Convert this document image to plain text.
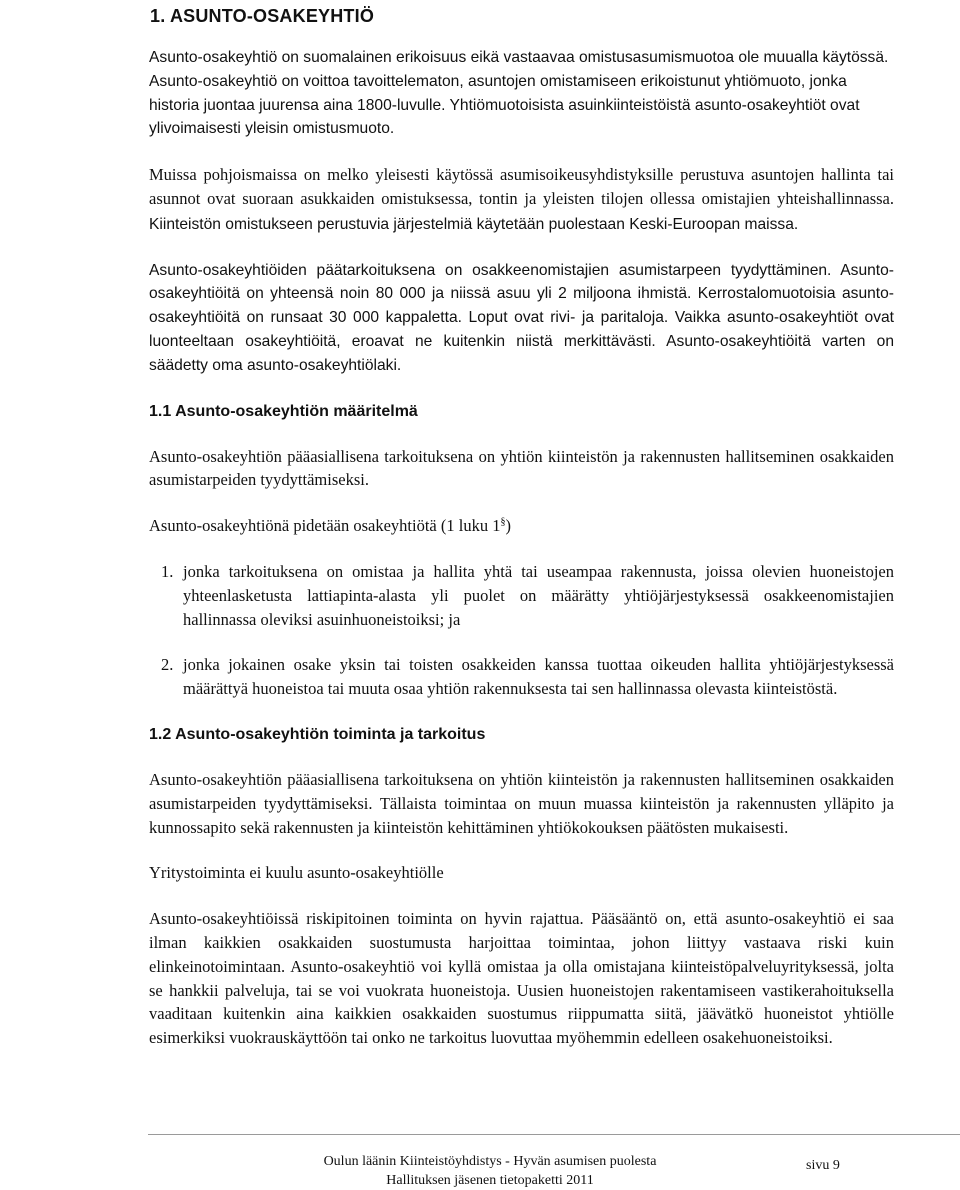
1. ASUNTO-OSAKEYHTIÖ

Asunto-osakeyhtiö on suomalainen erikoisuus eikä vastaavaa omistusasumismuotoa ole muualla käytössä. Asunto-osakeyhtiö on voittoa tavoittelematon, asuntojen omistamiseen erikoistunut yhtiömuoto, jonka historia juontaa juurensa aina 1800-luvulle. Yhtiömuotoisista asuinkiinteistöistä asunto-osakeyhtiöt ovat ylivoimaisesti yleisin omistusmuoto.

Muissa pohjoismaissa on melko yleisesti käytössä asumisoikeusyhdistyksille perustuva asuntojen hallinta tai asunnot ovat suoraan asukkaiden omistuksessa, tontin ja yleisten tilojen ollessa omistajien yhteishallinnassa. Kiinteistön omistukseen perustuvia järjestelmiä käytetään puolestaan Keski-Euroopan maissa.

Asunto-osakeyhtiöiden päätarkoituksena on osakkeenomistajien asumistarpeen tyydyttäminen. Asunto-osakeyhtiöitä on yhteensä noin 80 000 ja niissä asuu yli 2 miljoona ihmistä. Kerrostalomuotoisia asunto-osakeyhtiöitä on runsaat 30 000 kappaletta. Loput ovat rivi- ja paritaloja. Vaikka asunto-osakeyhtiöt ovat luonteeltaan osakeyhtiöitä, eroavat ne kuitenkin niistä merkittävästi. Asunto-osakeyhtiöitä varten on säädetty oma asunto-osakeyhtiölaki.

1.1 Asunto-osakeyhtiön määritelmä

Asunto-osakeyhtiön pääasiallisena tarkoituksena on yhtiön kiinteistön ja rakennusten hallitseminen osakkaiden asumistarpeiden tyydyttämiseksi.

Asunto-osakeyhtiönä pidetään osakeyhtiötä (1 luku 1§)

1. jonka tarkoituksena on omistaa ja hallita yhtä tai useampaa rakennusta, joissa olevien huoneistojen yhteenlasketusta lattiapinta-alasta yli puolet on määrätty yhtiöjärjestyksessä osakkeenomistajien hallinnassa oleviksi asuinhuoneistoiksi; ja
2. jonka jokainen osake yksin tai toisten osakkeiden kanssa tuottaa oikeuden hallita yhtiöjärjestyksessä määrättyä huoneistoa tai muuta osaa yhtiön rakennuksesta tai sen hallinnassa olevasta kiinteistöstä.
1.2 Asunto-osakeyhtiön toiminta ja tarkoitus

Asunto-osakeyhtiön pääasiallisena tarkoituksena on yhtiön kiinteistön ja rakennusten hallitseminen osakkaiden asumistarpeiden tyydyttämiseksi. Tällaista toimintaa on muun muassa kiinteistön ja rakennusten ylläpito ja kunnossapito sekä rakennusten ja kiinteistön kehittäminen yhtiökokouksen päätösten mukaisesti.

Yritystoiminta ei kuulu asunto-osakeyhtiölle

Asunto-osakeyhtiöissä riskipitoinen toiminta on hyvin rajattua. Pääsääntö on, että asunto-osakeyhtiö ei saa ilman kaikkien osakkaiden suostumusta harjoittaa toimintaa, johon liittyy vastaava riski kuin elinkeinotoimintaan. Asunto-osakeyhtiö voi kyllä omistaa ja olla omistajana kiinteistöpalveluyrityksessä, jolta se hankkii palveluja, tai se voi vuokrata huoneistoja. Uusien huoneistojen rakentamiseen vastikerahoituksella vaaditaan kuitenkin aina kaikkien osakkaiden suostumus riippumatta siitä, jäävätkö huoneistot yhtiölle esimerkiksi vuokrauskäyttöön tai onko ne tarkoitus luovuttaa myöhemmin edelleen osakehuoneistoiksi.

Oulun läänin Kiinteistöyhdistys - Hyvän asumisen puolesta
Hallituksen jäsenen tietopaketti 2011
sivu 9
